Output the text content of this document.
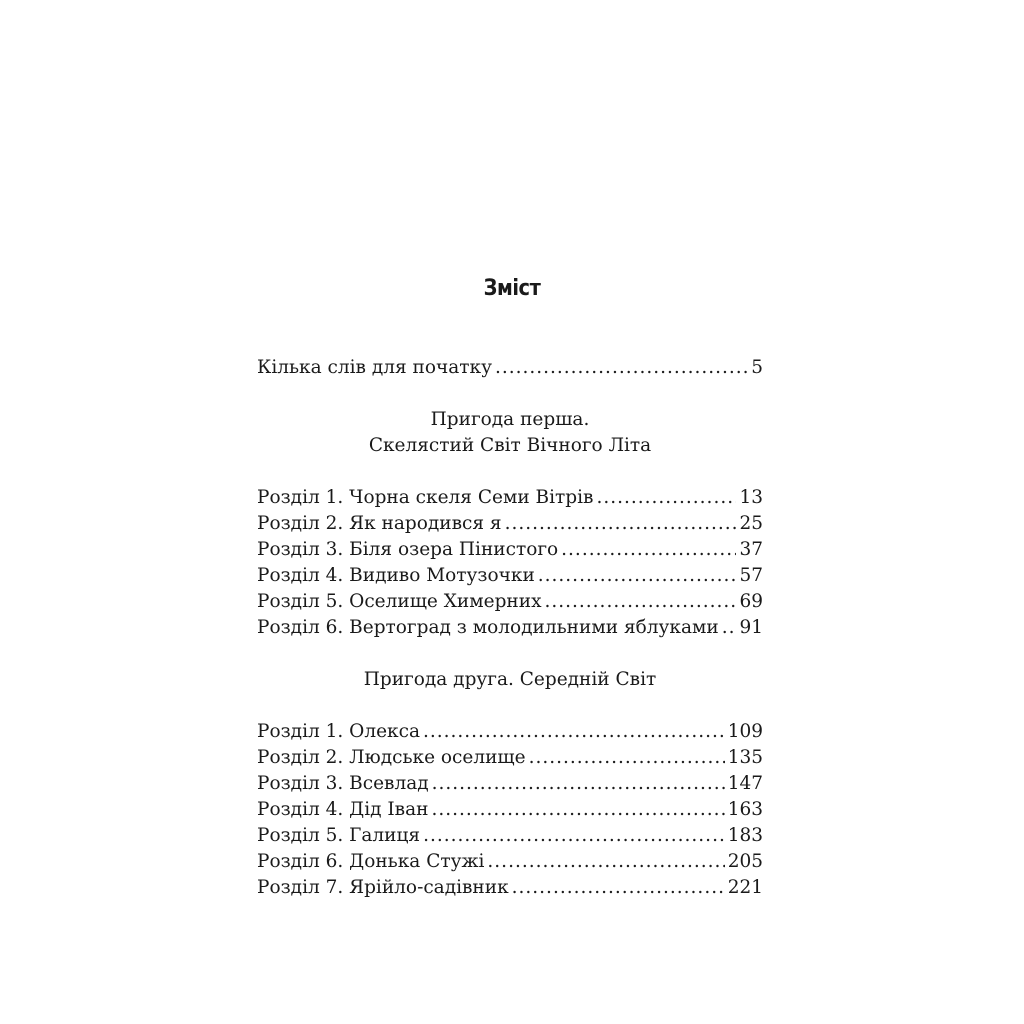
Зміст
Кілька слів для початку .....	5
Пригода перша.
Скелястий Світ Вічного Літа
Розділ 1. Чорна скеля Семи Вітрів .....	13
Розділ 2. Як народився я .....	25
Розділ 3. Біля озера Пінистого .....	37
Розділ 4. Видиво Мотузочки .....	57
Розділ 5. Оселище Химерних .....	69
Розділ 6. Вертоград з молодильними яблуками ..... 91
Пригода друга. Середній Світ
Розділ 1. Олекса .....	109
Розділ 2. Людське оселище .....	135
Розділ 3. Всевлад .....	147
Розділ 4. Дід Іван .....	163
Розділ 5. Галиця .....	183
Розділ 6. Донька Стужі .....	205
Розділ 7. Ярійло-садівник .....	221
